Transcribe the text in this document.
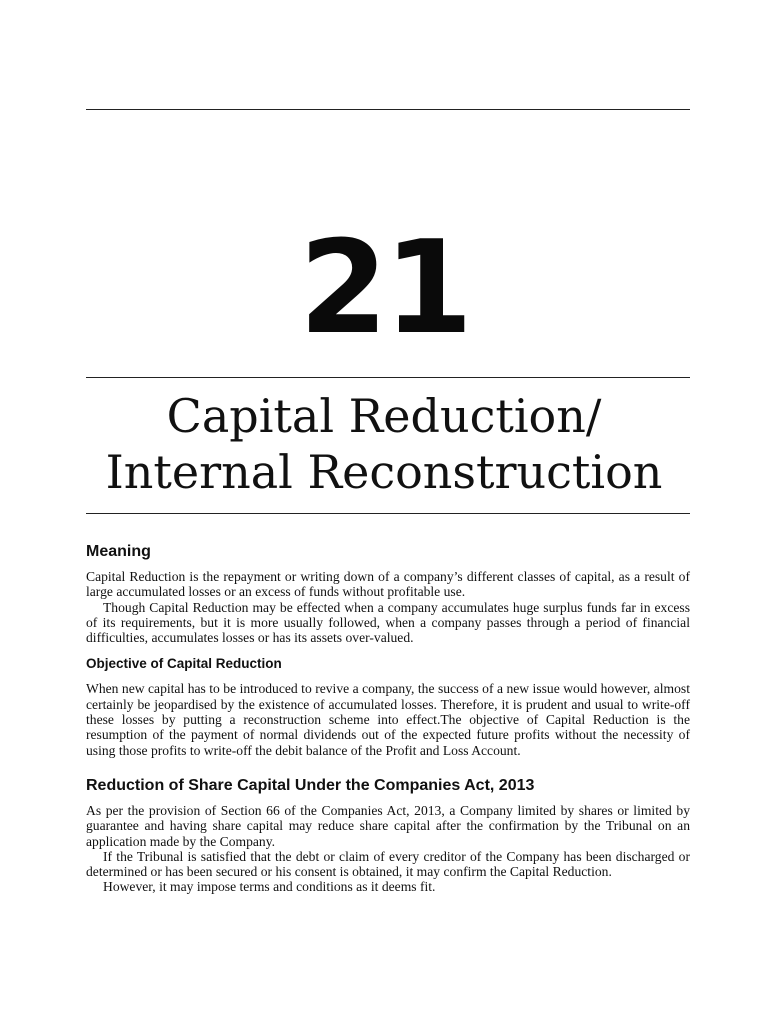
21
Capital Reduction/
Internal Reconstruction
Meaning

Capital Reduction is the repayment or writing down of a company’s different classes of capital, as a result of large accumulated losses or an excess of funds without profitable use.

Though Capital Reduction may be effected when a company accumulates huge surplus funds far in excess of its requirements, but it is more usually followed, when a company passes through a period of financial difficulties, accumulates losses or has its assets over-valued.

Objective of Capital Reduction

When new capital has to be introduced to revive a company, the success of a new issue would however, almost certainly be jeopardised by the existence of accumulated losses. Therefore, it is prudent and usual to write-off these losses by putting a reconstruction scheme into effect.The objective of Capital Reduction is the resumption of the payment of normal dividends out of the expected future profits without the necessity of using those profits to write-off the debit balance of the Profit and Loss Account.

Reduction of Share Capital Under the Companies Act, 2013

As per the provision of Section 66 of the Companies Act, 2013, a Company limited by shares or limited by guarantee and having share capital may reduce share capital after the confirmation by the Tribunal on an application made by the Company.

If the Tribunal is satisfied that the debt or claim of every creditor of the Company has been discharged or determined or has been secured or his consent is obtained, it may confirm the Capital Reduction.

However, it may impose terms and conditions as it deems fit.
